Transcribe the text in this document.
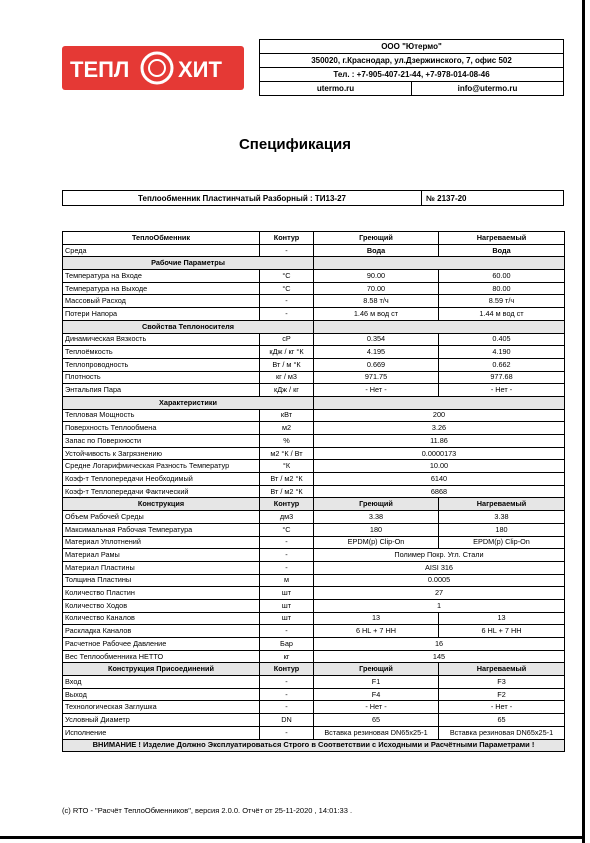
ТЕПЛ ХИТ
ООО "Ютермо"
350020, г.Краснодар, ул.Дзержинского, 7, офис 502
Тел. : +7-905-407-21-44, +7-978-014-08-46
utermo.ru	info@utermo.ru
Спецификация
Теплообменник Пластинчатый Разборный : ТИ13-27	№ 2137-20
ТеплоОбменник	Контур	Греющий	Нагреваемый
Среда	-	Вода	Вода
Рабочие Параметры			
Температура на Входе	°C	90.00	60.00
Температура на Выходе	°C	70.00	80.00
Массовый Расход	-	8.58 т/ч	8.59 т/ч
Потери Напора	-	1.46 м вод ст	1.44 м вод ст
Свойства Теплоносителя			
Динамическая Вязкость	cP	0.354	0.405
Теплоёмкость	кДж / кг °К	4.195	4.190
Теплопроводность	Вт / м °К	0.669	0.662
Плотность	кг / м3	971.75	977.68
Энтальпия Пара	кДж / кг	- Нет -	- Нет -
Характеристики			
Тепловая Мощность	кВт	200	
Поверхность Теплообмена	м2	3.26	
Запас по Поверхности	%	11.86	
Устойчивость к Загрязнению	м2 °К / Вт	0.0000173	
Средне Логарифмическая Разность Температур	°К	10.00	
Коэф-т Теплопередачи Необходимый	Вт / м2 °К	6140	
Коэф-т Теплопередачи Фактический	Вт / м2 °К	6868	
Конструкция	Контур	Греющий	Нагреваемый
Объем Рабочей Среды	дм3	3.38	3.38
Максимальная Рабочая Температура	°C	180	180
Материал Уплотнений	-	EPDM(p) Clip-On	EPDM(p) Clip-On
Материал Рамы	-	Полимер Покр. Угл. Стали	
Материал Пластины	-	AISI 316	
Толщина Пластины	м	0.0005	
Количество Пластин	шт	27	
Количество Ходов	шт	1	
Количество Каналов	шт	13	13
Раскладка Каналов	-	6 HL + 7 HH	6 HL + 7 HH
Расчетное Рабочее Давление	Бар	16	
Вес Теплообменника НЕТТО	кг	145	
Конструкция Присоединений	Контур	Греющий	Нагреваемый
Вход	-	F1	F3
Выход	-	F4	F2
Технологическая Заглушка	-	- Нет -	- Нет -
Условный Диаметр	DN	65	65
Исполнение	-	Вставка резиновая DN65x25-1	Вставка резиновая DN65x25-1
ВНИМАНИЕ ! Изделие Должно Эксплуатироваться Строго в Соответствии с Исходными и Расчётными Параметрами !			
(c) RTO - "Расчёт ТеплоОбменников", версия 2.0.0. Отчёт от 25-11-2020 , 14:01:33 .
